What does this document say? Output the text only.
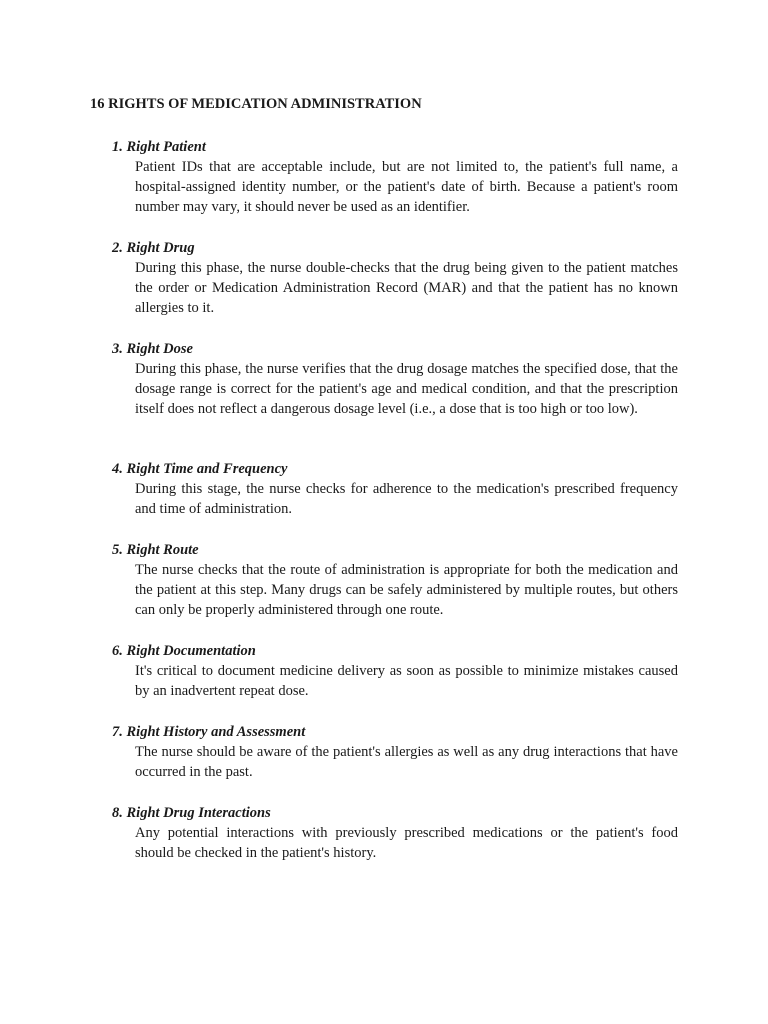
16 RIGHTS OF MEDICATION ADMINISTRATION
1. Right Patient
Patient IDs that are acceptable include, but are not limited to, the patient's full name, a hospital-assigned identity number, or the patient's date of birth. Because a patient's room number may vary, it should never be used as an identifier.
2. Right Drug
During this phase, the nurse double-checks that the drug being given to the patient matches the order or Medication Administration Record (MAR) and that the patient has no known allergies to it.
3. Right Dose
During this phase, the nurse verifies that the drug dosage matches the specified dose, that the dosage range is correct for the patient's age and medical condition, and that the prescription itself does not reflect a dangerous dosage level (i.e., a dose that is too high or too low).
4. Right Time and Frequency
During this stage, the nurse checks for adherence to the medication's prescribed frequency and time of administration.
5. Right Route
The nurse checks that the route of administration is appropriate for both the medication and the patient at this step. Many drugs can be safely administered by multiple routes, but others can only be properly administered through one route.
6. Right Documentation
It's critical to document medicine delivery as soon as possible to minimize mistakes caused by an inadvertent repeat dose.
7. Right History and Assessment
The nurse should be aware of the patient's allergies as well as any drug interactions that have occurred in the past.
8. Right Drug Interactions
Any potential interactions with previously prescribed medications or the patient's food should be checked in the patient's history.
